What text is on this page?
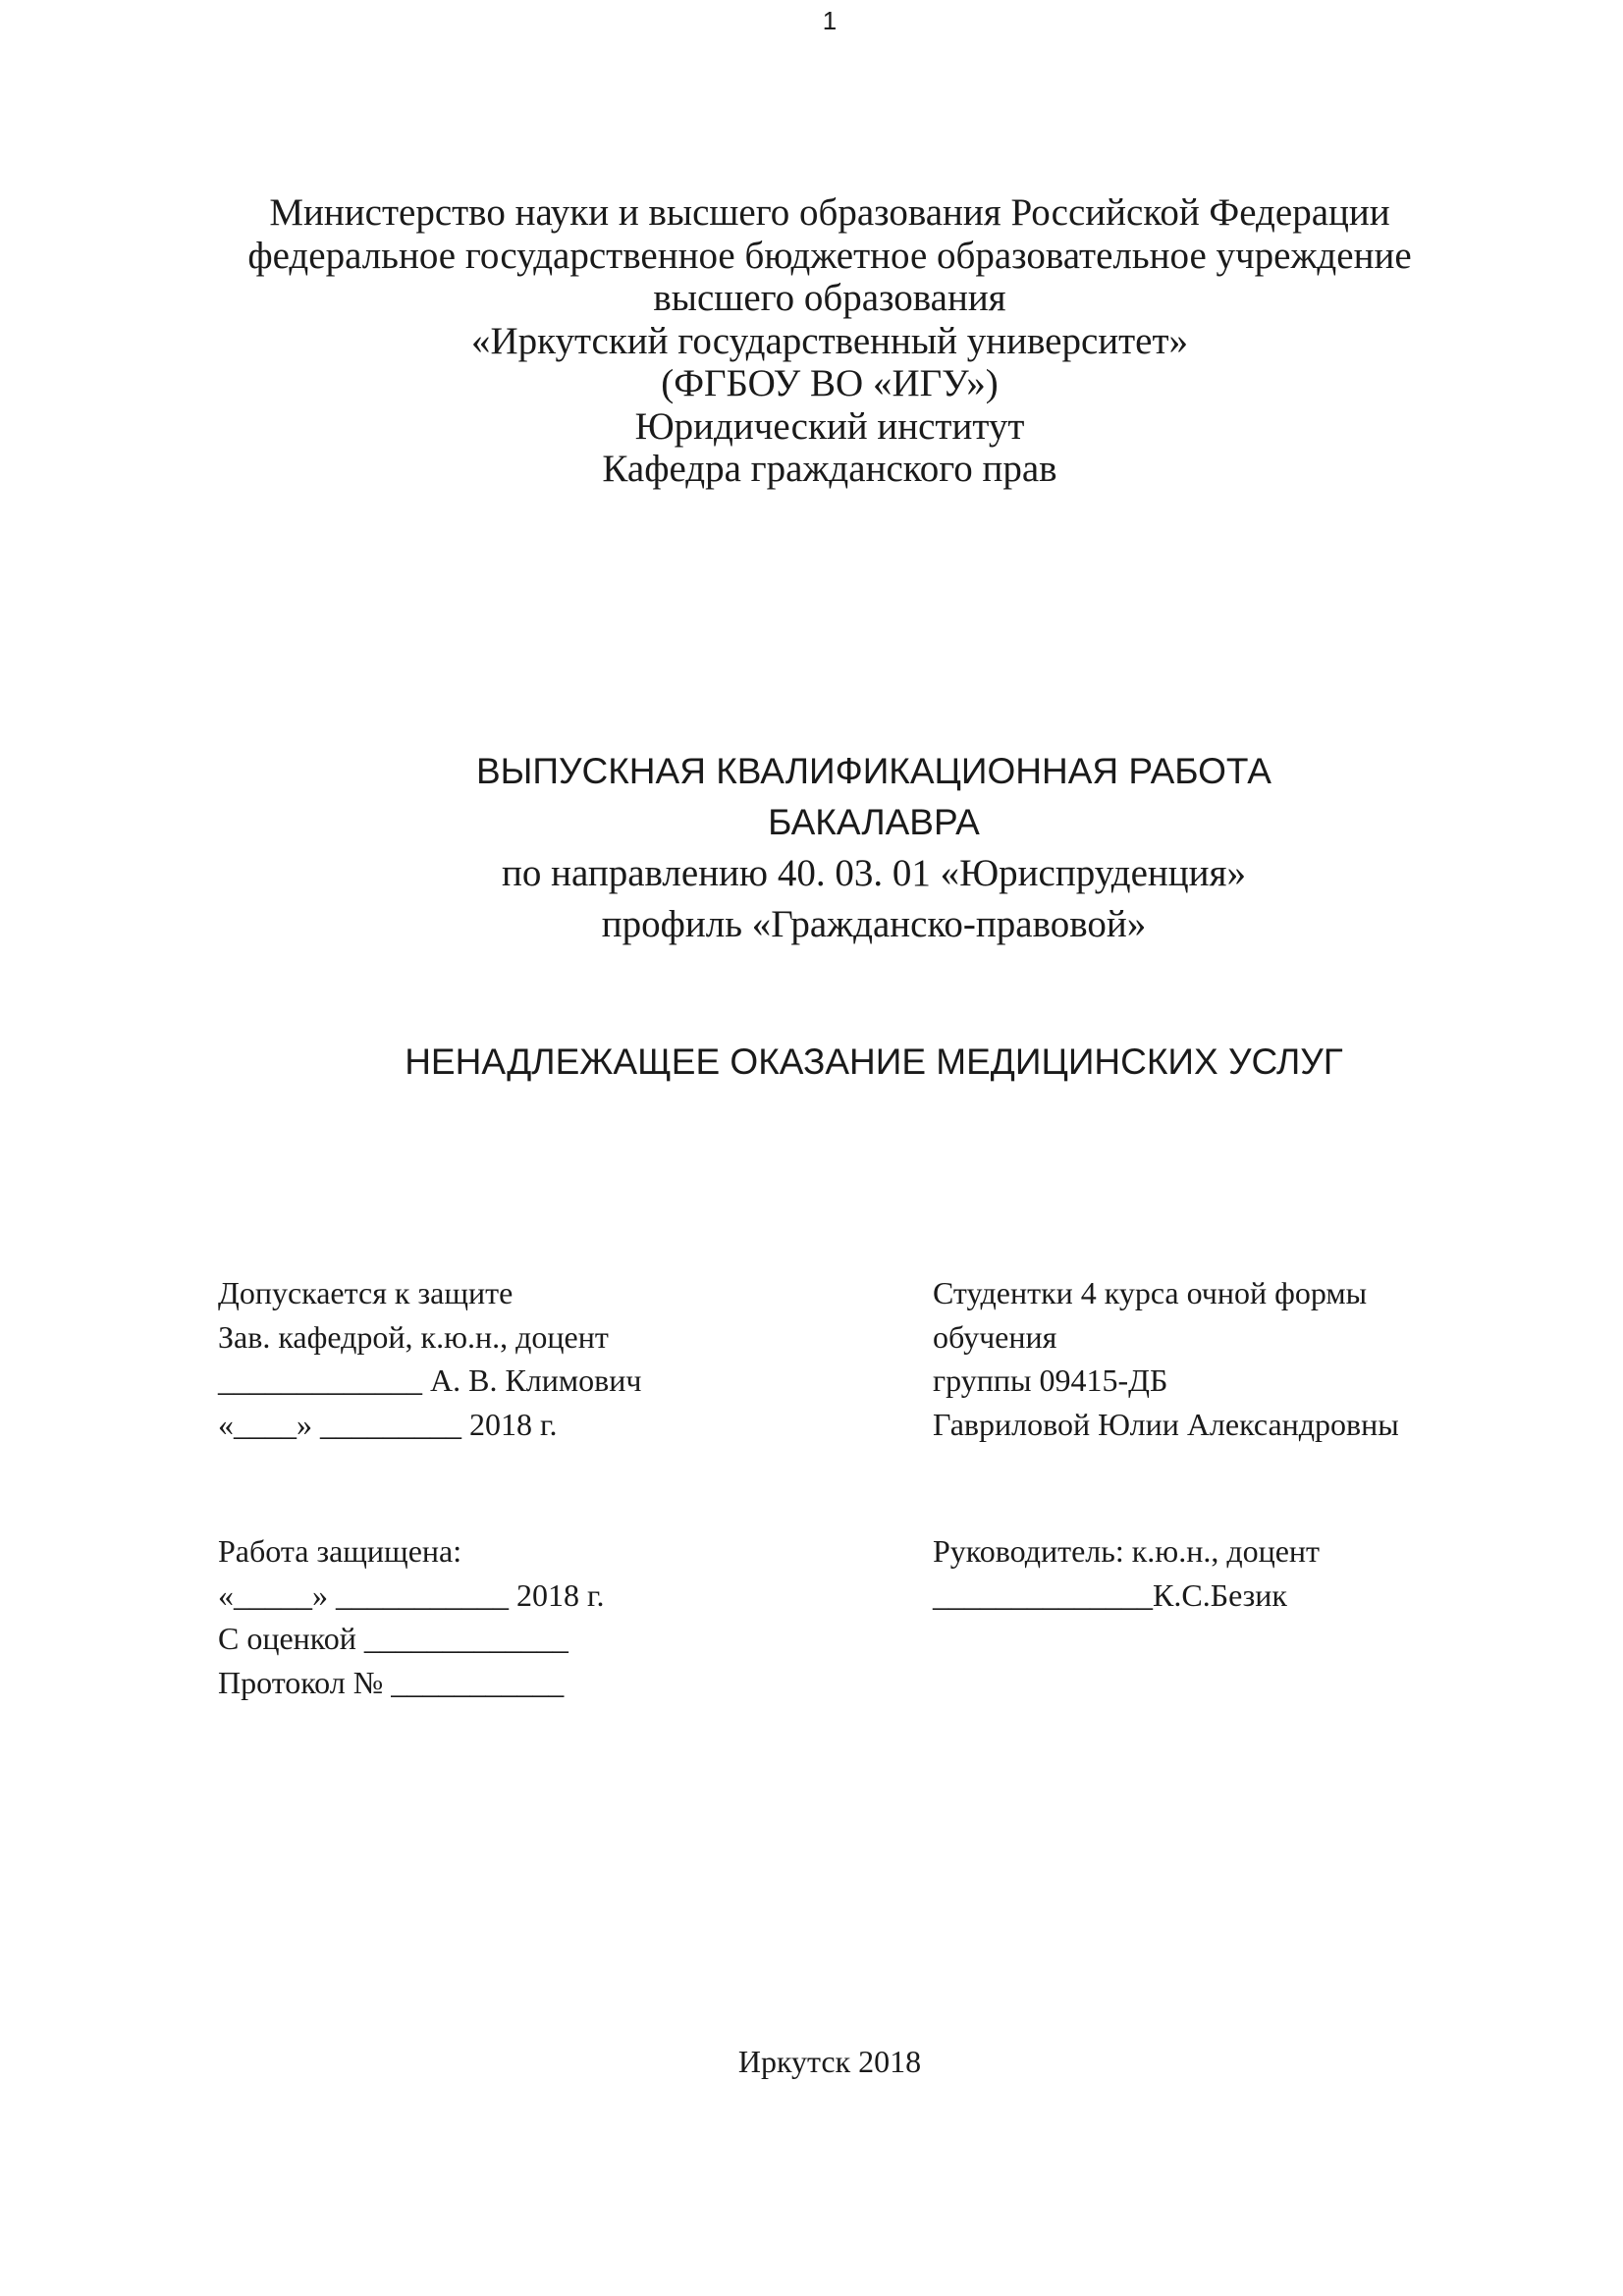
1
Министерство науки и высшего образования Российской Федерации
федеральное государственное бюджетное образовательное учреждение
высшего образования
«Иркутский государственный университет»
(ФГБОУ ВО «ИГУ»)
Юридический институт
Кафедра гражданского прав
ВЫПУСКНАЯ КВАЛИФИКАЦИОННАЯ РАБОТА
БАКАЛАВРА
по направлению 40. 03. 01 «Юриспруденция»
профиль «Гражданско-правовой»
НЕНАДЛЕЖАЩЕЕ ОКАЗАНИЕ МЕДИЦИНСКИХ УСЛУГ
Допускается к защите
Зав. кафедрой, к.ю.н., доцент
_____________ А. В. Климович
«____» _________ 2018 г.
Студентки 4 курса очной формы
обучения
группы 09415-ДБ
Гавриловой Юлии Александровны
Работа защищена:
«_____» ___________ 2018 г.
С оценкой _____________
Протокол № ___________
Руководитель: к.ю.н., доцент
______________К.С.Безик
Иркутск 2018
